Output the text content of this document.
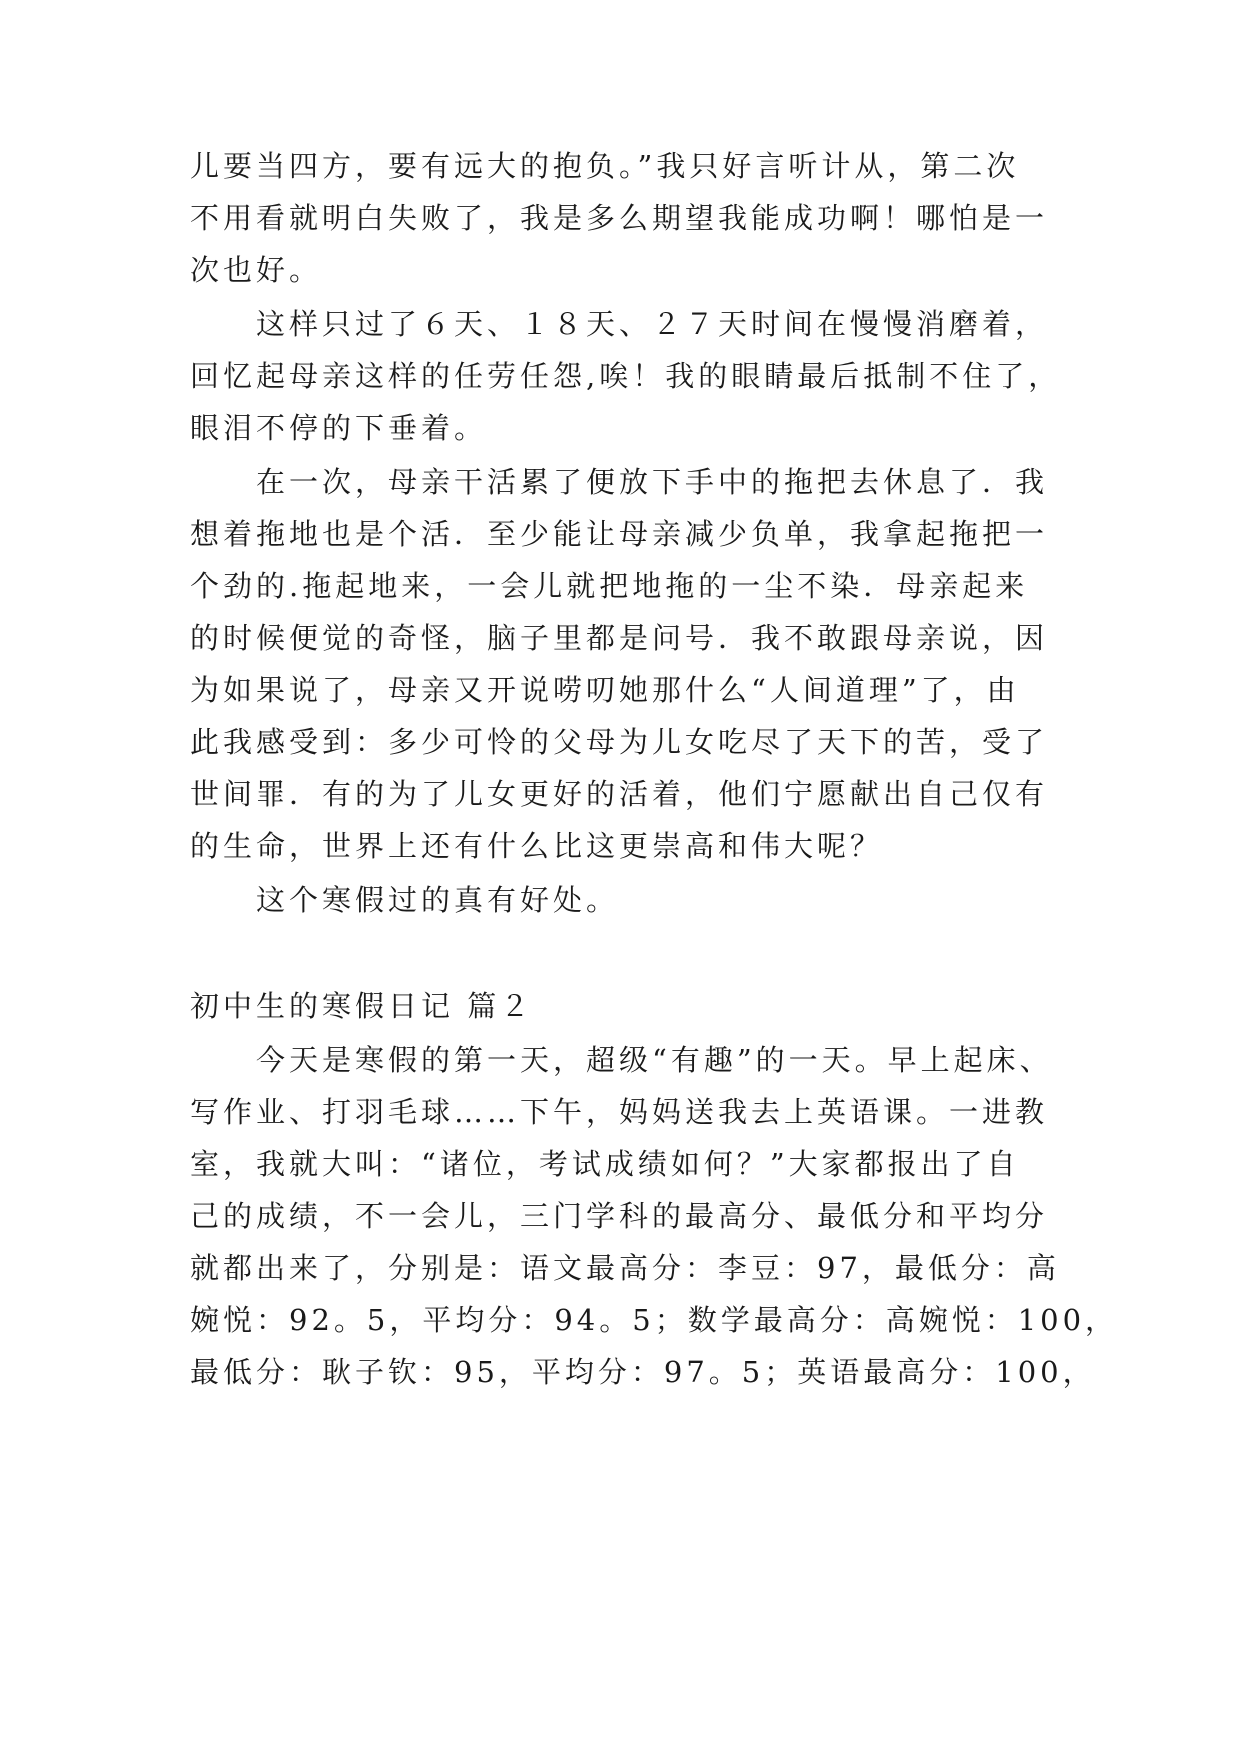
儿要当四方，要有远大的抱负。”我只好言听计从，第二次
不用看就明白失败了，我是多么期望我能成功啊！哪怕是一
次也好。
这样只过了６天、１８天、２７天时间在慢慢消磨着，
回忆起母亲这样的任劳任怨,唉！我的眼睛最后抵制不住了，
眼泪不停的下垂着。
在一次，母亲干活累了便放下手中的拖把去休息了．我
想着拖地也是个活．至少能让母亲减少负单，我拿起拖把一
个劲的.拖起地来，一会儿就把地拖的一尘不染．母亲起来
的时候便觉的奇怪，脑子里都是问号．我不敢跟母亲说，因
为如果说了，母亲又开说唠叨她那什么“人间道理”了，由
此我感受到：多少可怜的父母为儿女吃尽了天下的苦，受了
世间罪．有的为了儿女更好的活着，他们宁愿献出自己仅有
的生命，世界上还有什么比这更崇高和伟大呢？
这个寒假过的真有好处。
初中生的寒假日记 篇２
今天是寒假的第一天，超级“有趣”的一天。早上起床、
写作业、打羽毛球……下午，妈妈送我去上英语课。一进教
室，我就大叫：“诸位，考试成绩如何？”大家都报出了自
己的成绩，不一会儿，三门学科的最高分、最低分和平均分
就都出来了，分别是：语文最高分：李豆：97，最低分：高
婉悦：92。5，平均分：94。5；数学最高分：高婉悦：100，
最低分：耿子钦：95，平均分：97。5；英语最高分：100，
